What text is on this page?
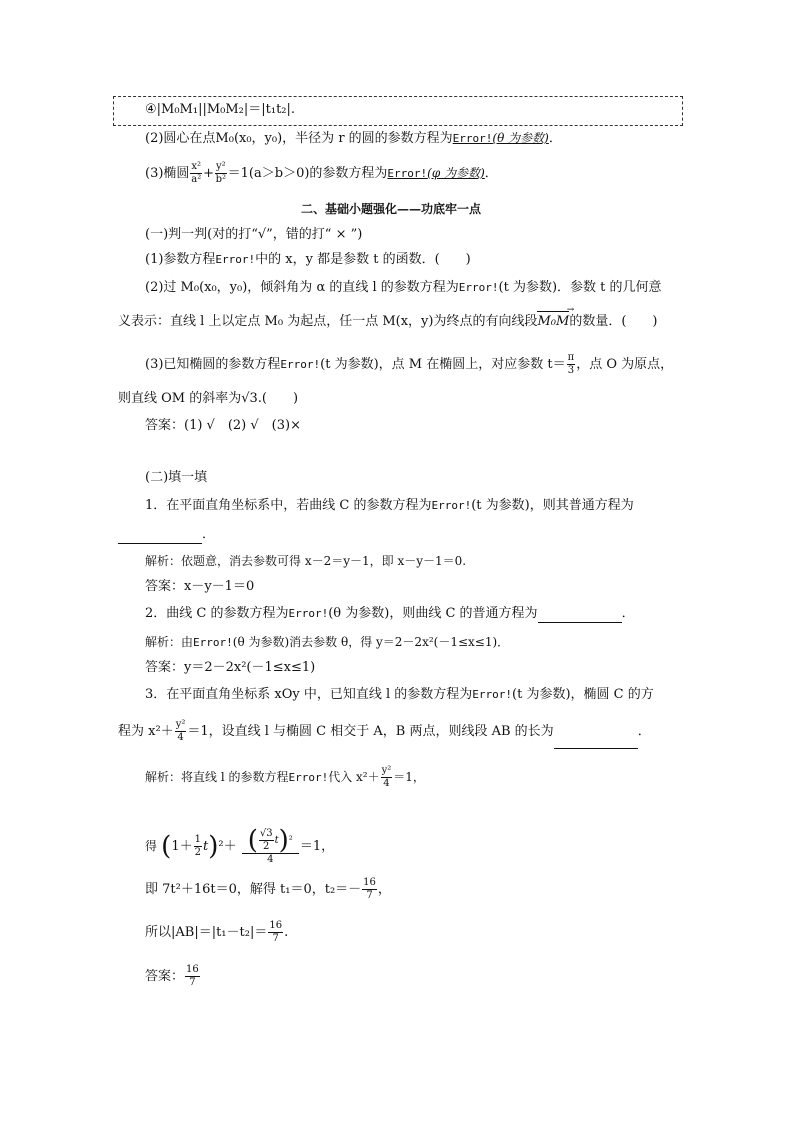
④|M₀M₁||M₀M₂|＝|t₁t₂|.
(2)圆心在点M₀(x₀，y₀)，半径为 r 的圆的参数方程为Error!(θ 为参数)．
(3)椭圆 $\frac{\text{x²}}{\text{a²}} + \frac{\text{y²}}{\text{b²}} =1(a>b>0)$的参数方程为Error!(φ 为参数)．
二、基础小题强化——功底牢一点
(一)判一判(对的打“√”，错的打“ × ”)
(1)参数方程Error!中的 x，y 都是参数 t 的函数．(　　)
(2)过 M₀(x₀，y₀)，倾斜角为 α 的直线 l 的参数方程为Error!(t 为参数)．参数 t 的几何意
义表示：直线 l 上以定点 M₀ 为起点，任一点 M(x，y)为终点的有向线段M₀M →的数量．(　　)
(3)已知椭圆的参数方程Error!(t 为参数)，点 M 在椭圆上，对应参数 $t= \frac{\pi}{3}$ ，点 O 为原点，
则直线 OM 的斜率为√3.(　　)
答案：(1) √　(2) √　(3)×
(二)填一填
1．在平面直角坐标系中，若曲线 C 的参数方程为Error!(t 为参数)，则其普通方程为
．
解析：依题意，消去参数可得 x－2＝y－1，即 x－y－1＝0.
答案：x－y－1＝0
2．曲线 C 的参数方程为Error!(θ 为参数)，则曲线 C 的普通方程为	．
解析：由Error!(θ 为参数)消去参数 θ，得 y＝2－2x²(－1≤x≤1)．
答案：y＝2－2x²(－1≤x≤1)
3．在平面直角坐标系 xOy 中，已知直线 l 的参数方程为Error!(t 为参数)，椭圆 C 的方
程为 $x^2+ \frac{\text{y²}}{4} =1$，设直线 l 与椭圆 C 相交于 A，B 两点，则线段 AB 的长为	．
解析：将直线 l 的参数方程Error!代入 $x^2+ \frac{\text{y²}}{4} =1$，
得 $(1+ \frac{1}{2} t)^2+ \frac{( \frac{√3}{2} t)^2}{4} =1$，
即 7t²＋16t＝0，解得 t₁＝0，$t_2=- \frac{16}{7}$ ，
所以$|AB|=|t_1-t_2|= \frac{16}{7}$ .
答案： $\frac{16}{7}$
